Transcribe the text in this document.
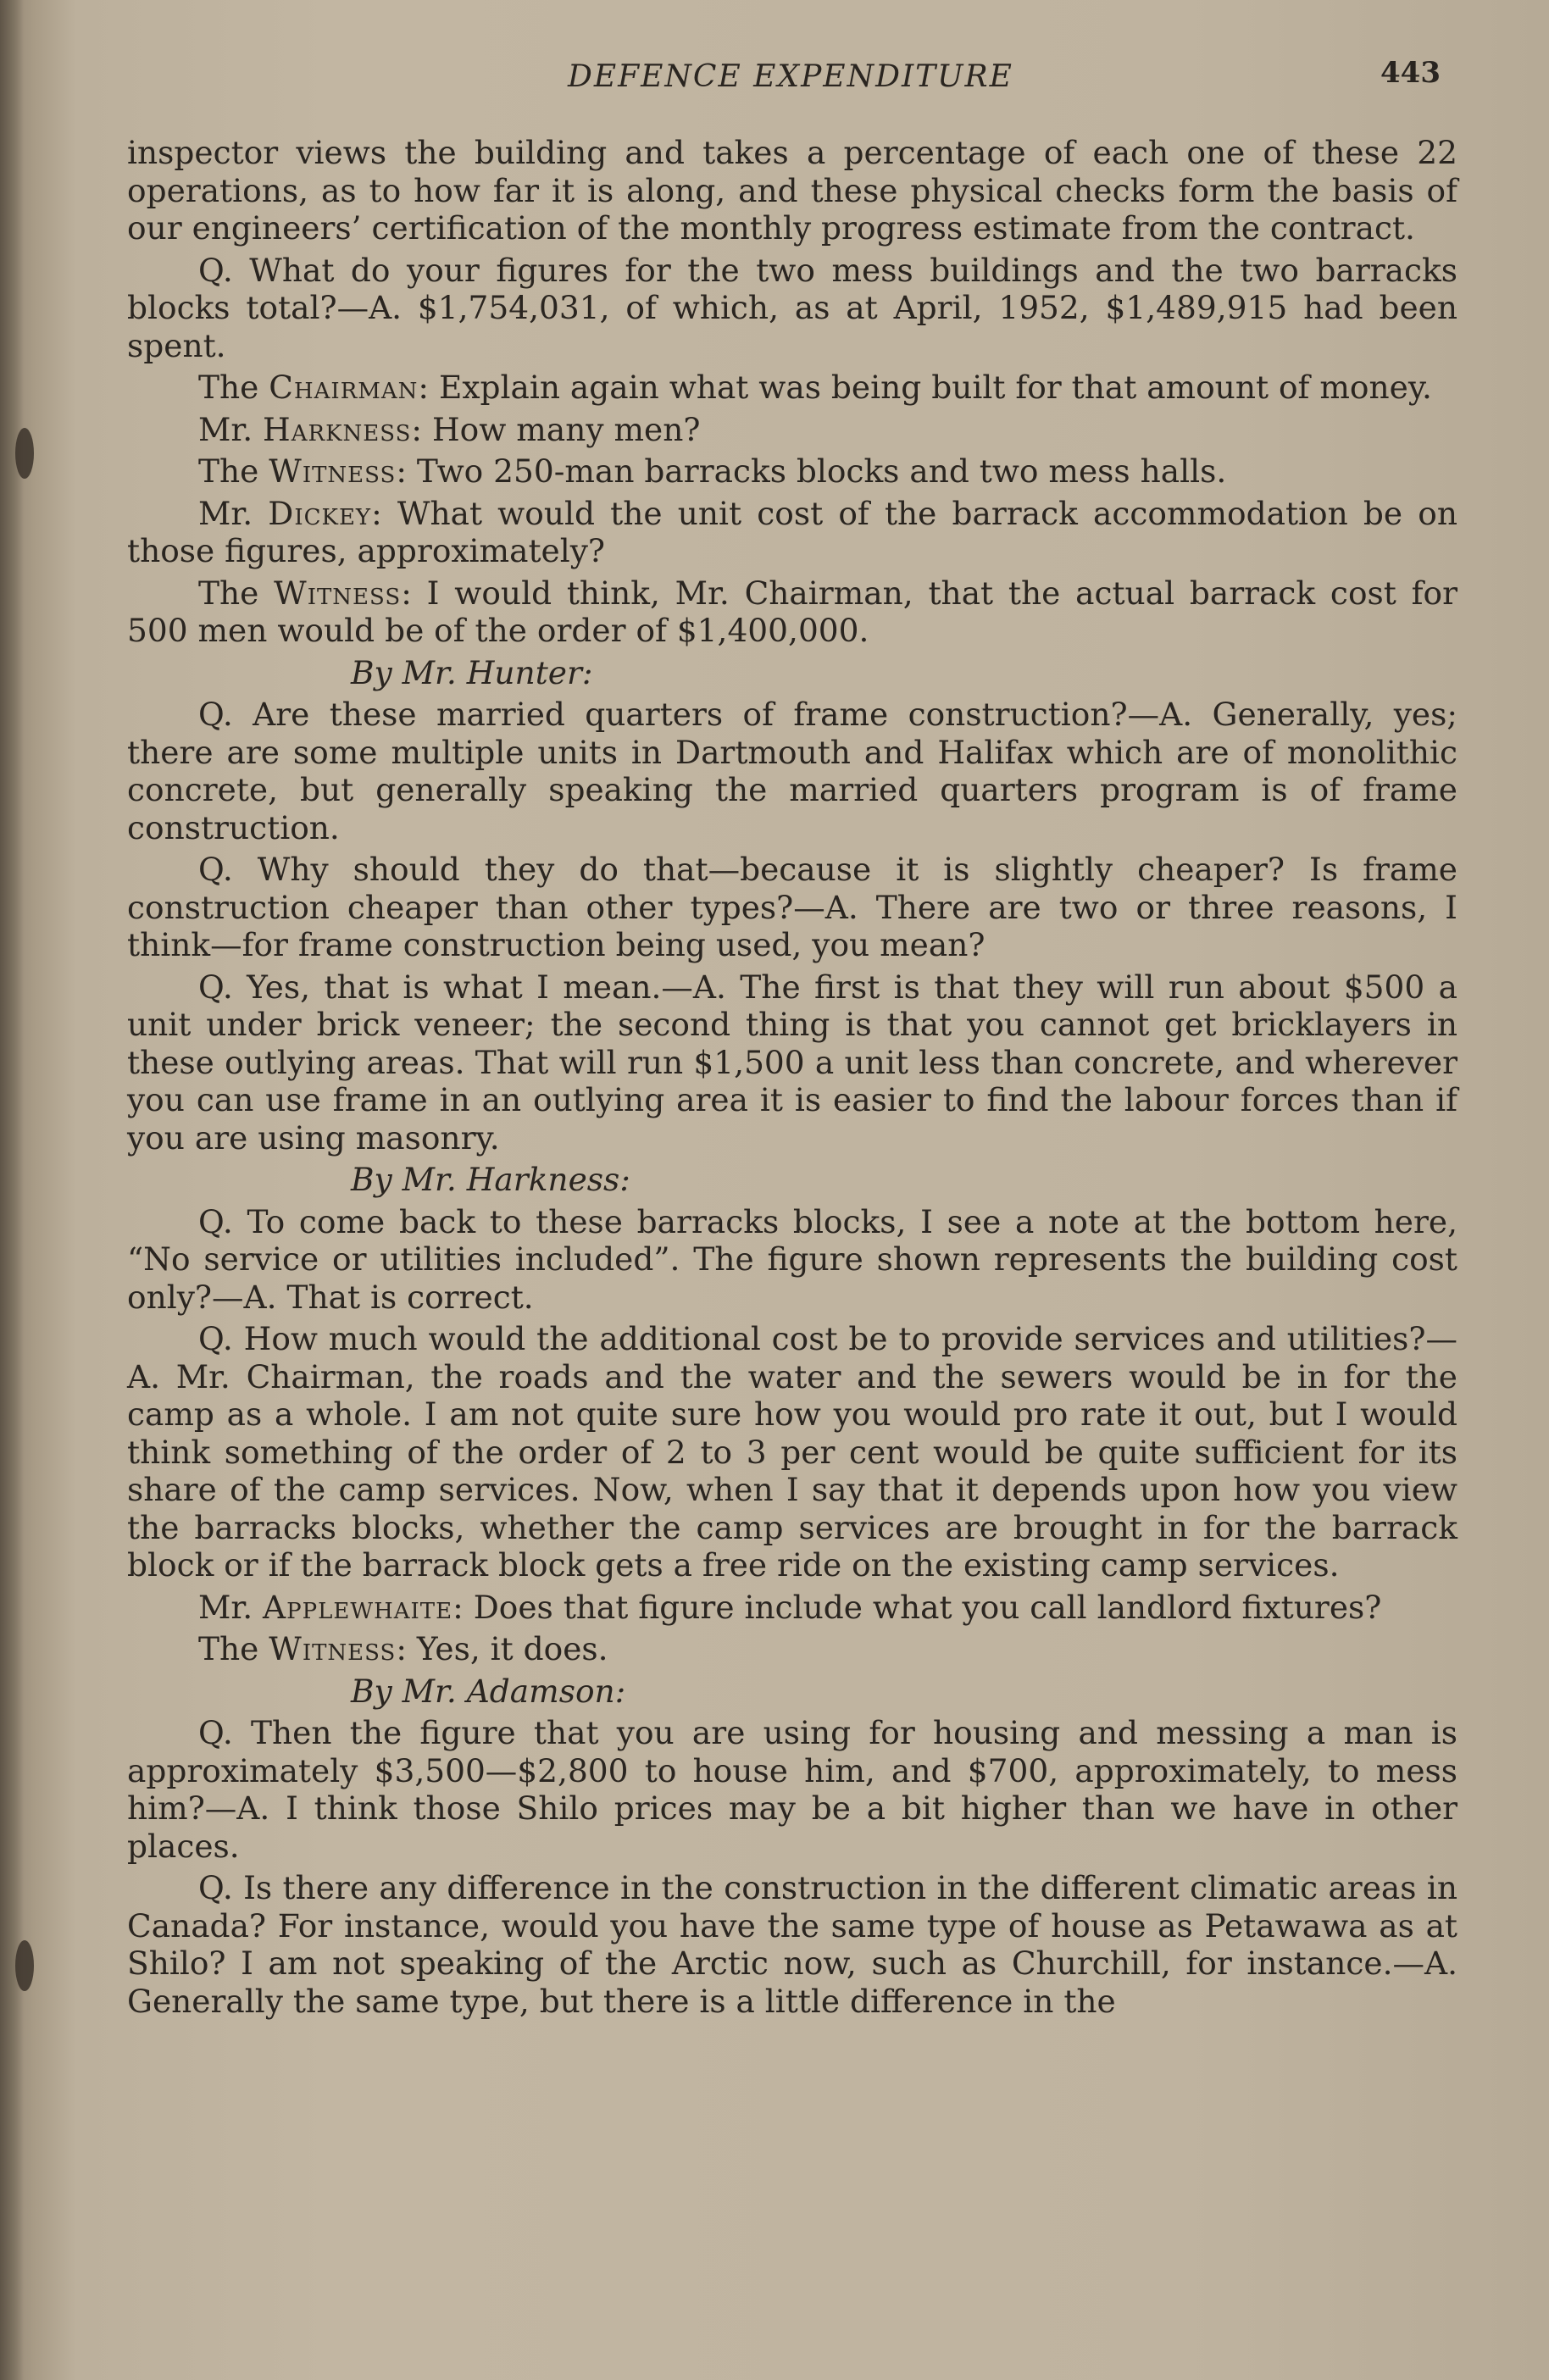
DEFENCE EXPENDITURE	443

inspector views the building and takes a percentage of each one of these 22 operations, as to how far it is along, and these physical checks form the basis of our engineers’ certification of the monthly progress estimate from the contract.

Q. What do your figures for the two mess buildings and the two barracks blocks total?—A. $1,754,031, of which, as at April, 1952, $1,489,915 had been spent.

The Chairman: Explain again what was being built for that amount of money.

Mr. Harkness: How many men?

The Witness: Two 250-man barracks blocks and two mess halls.

Mr. Dickey: What would the unit cost of the barrack accommodation be on those figures, approximately?

The Witness: I would think, Mr. Chairman, that the actual barrack cost for 500 men would be of the order of $1,400,000.

By Mr. Hunter:

Q. Are these married quarters of frame construction?—A. Generally, yes; there are some multiple units in Dartmouth and Halifax which are of monolithic concrete, but generally speaking the married quarters program is of frame construction.

Q. Why should they do that—because it is slightly cheaper? Is frame construction cheaper than other types?—A. There are two or three reasons, I think—for frame construction being used, you mean?

Q. Yes, that is what I mean.—A. The first is that they will run about $500 a unit under brick veneer; the second thing is that you cannot get bricklayers in these outlying areas. That will run $1,500 a unit less than concrete, and wherever you can use frame in an outlying area it is easier to find the labour forces than if you are using masonry.

By Mr. Harkness:

Q. To come back to these barracks blocks, I see a note at the bottom here, “No service or utilities included”. The figure shown represents the building cost only?—A. That is correct.

Q. How much would the additional cost be to provide services and utilities?—A. Mr. Chairman, the roads and the water and the sewers would be in for the camp as a whole. I am not quite sure how you would pro rate it out, but I would think something of the order of 2 to 3 per cent would be quite sufficient for its share of the camp services. Now, when I say that it depends upon how you view the barracks blocks, whether the camp services are brought in for the barrack block or if the barrack block gets a free ride on the existing camp services.

Mr. Applewhaite: Does that figure include what you call landlord fixtures?

The Witness: Yes, it does.

By Mr. Adamson:

Q. Then the figure that you are using for housing and messing a man is approximately $3,500—$2,800 to house him, and $700, approximately, to mess him?—A. I think those Shilo prices may be a bit higher than we have in other places.

Q. Is there any difference in the construction in the different climatic areas in Canada? For instance, would you have the same type of house as Petawawa as at Shilo? I am not speaking of the Arctic now, such as Churchill, for instance.—A. Generally the same type, but there is a little difference in the
